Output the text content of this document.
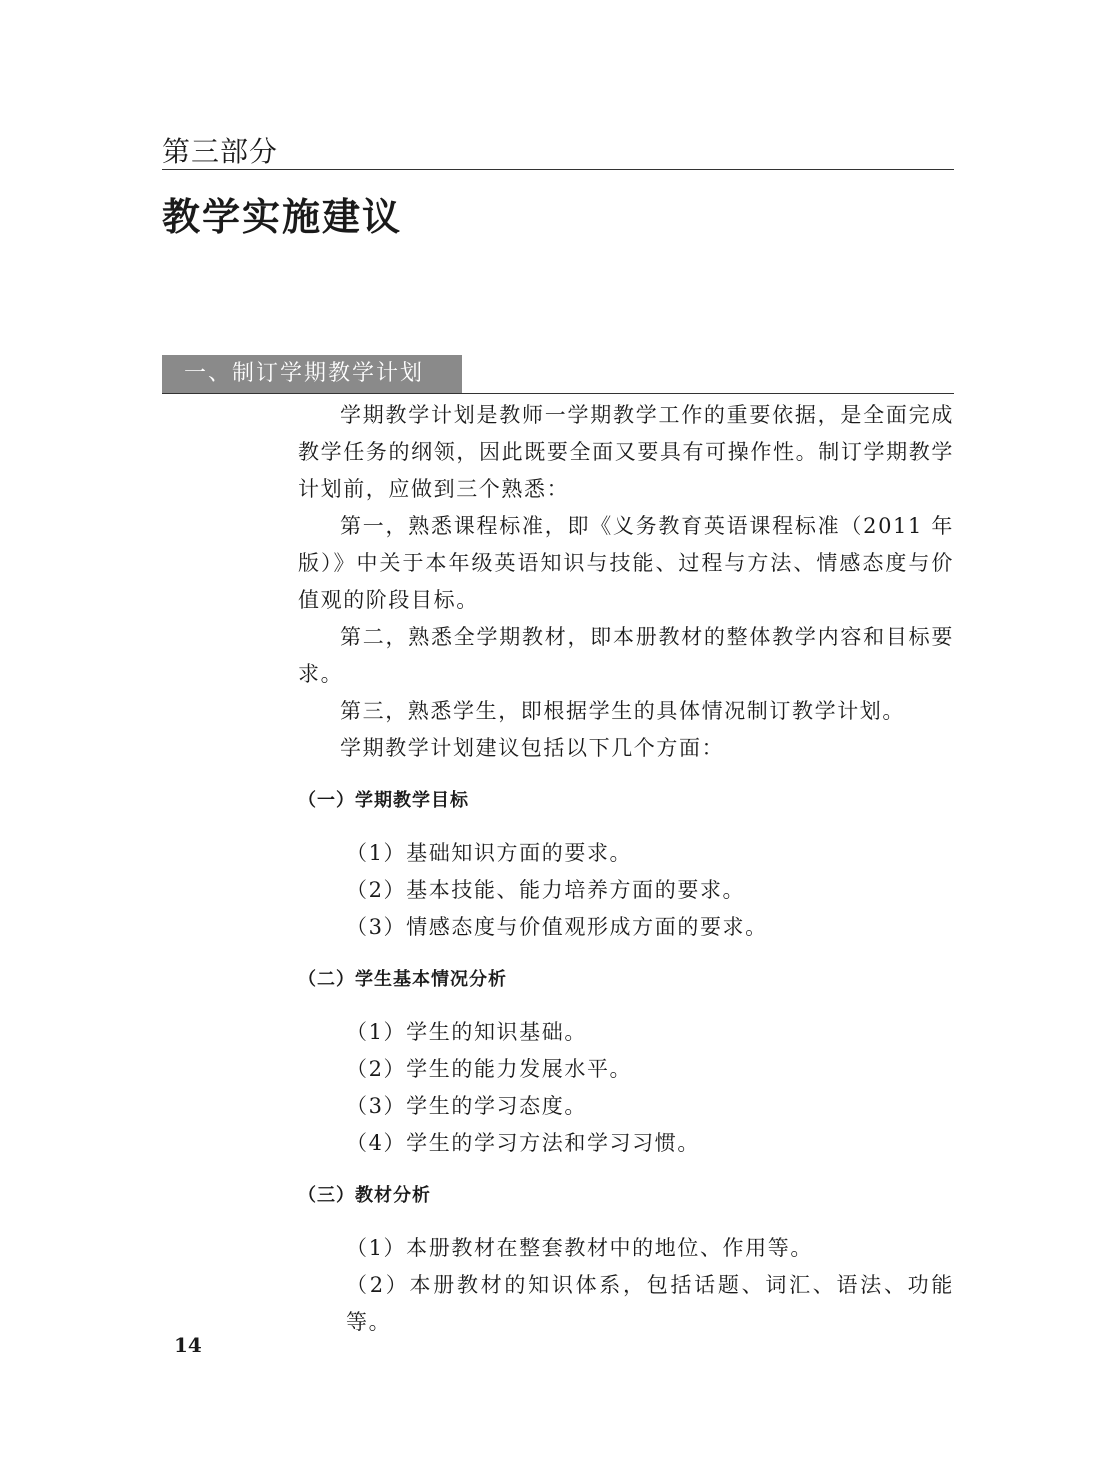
第三部分
教学实施建议
一、制订学期教学计划

学期教学计划是教师一学期教学工作的重要依据，是全面完成教学任务的纲领，因此既要全面又要具有可操作性。制订学期教学计划前，应做到三个熟悉：

第一，熟悉课程标准，即《义务教育英语课程标准（2011 年版）》中关于本年级英语知识与技能、过程与方法、情感态度与价值观的阶段目标。

第二，熟悉全学期教材，即本册教材的整体教学内容和目标要求。

第三，熟悉学生，即根据学生的具体情况制订教学计划。

学期教学计划建议包括以下几个方面：

（一）学期教学目标

（1）基础知识方面的要求。
（2）基本技能、能力培养方面的要求。
（3）情感态度与价值观形成方面的要求。

（二）学生基本情况分析

（1）学生的知识基础。
（2）学生的能力发展水平。
（3）学生的学习态度。
（4）学生的学习方法和学习习惯。

（三）教材分析

（1）本册教材在整套教材中的地位、作用等。
（2）本册教材的知识体系，包括话题、词汇、语法、功能等。
14
